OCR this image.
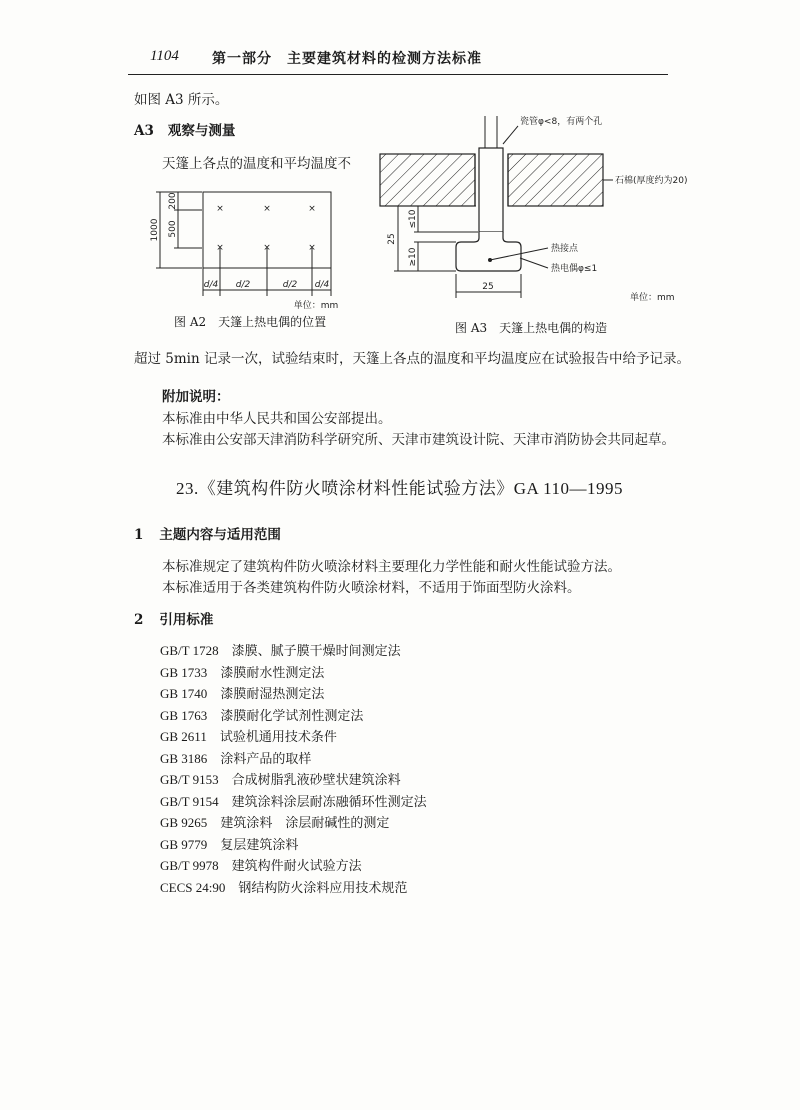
1104 第一部分　主要建筑材料的检测方法标准
如图 A3 所示。
A3 观察与测量
天篷上各点的温度和平均温度不
×	×	×
×	×	×
1000
200
500
d/4 d/2	d/2 d/4
单位：mm
图 A2　天篷上热电偶的位置
瓷管φ<8，有两个孔
石棉(厚度约为20)
热接点
热电偶φ≤1
25
≤10
≥10
25
单位：mm
图 A3　天篷上热电偶的构造
超过 5min 记录一次，试验结束时，天篷上各点的温度和平均温度应在试验报告中给予记录。
附加说明：
本标准由中华人民共和国公安部提出。
本标准由公安部天津消防科学研究所、天津市建筑设计院、天津市消防协会共同起草。
23.《建筑构件防火喷涂材料性能试验方法》GA 110—1995
1 主题内容与适用范围
本标准规定了建筑构件防火喷涂材料主要理化力学性能和耐火性能试验方法。
本标准适用于各类建筑构件防火喷涂材料，不适用于饰面型防火涂料。
2 引用标准
GB/T 1728　 漆膜、腻子膜干燥时间测定法
GB 1733　 漆膜耐水性测定法
GB 1740　 漆膜耐湿热测定法
GB 1763　 漆膜耐化学试剂性测定法
GB 2611　 试验机通用技术条件
GB 3186　 涂料产品的取样
GB/T 9153　 合成树脂乳液砂壁状建筑涂料
GB/T 9154　 建筑涂料涂层耐冻融循环性测定法
GB 9265　 建筑涂料　涂层耐碱性的测定
GB 9779　 复层建筑涂料
GB/T 9978　 建筑构件耐火试验方法
CECS 24:90　 钢结构防火涂料应用技术规范
